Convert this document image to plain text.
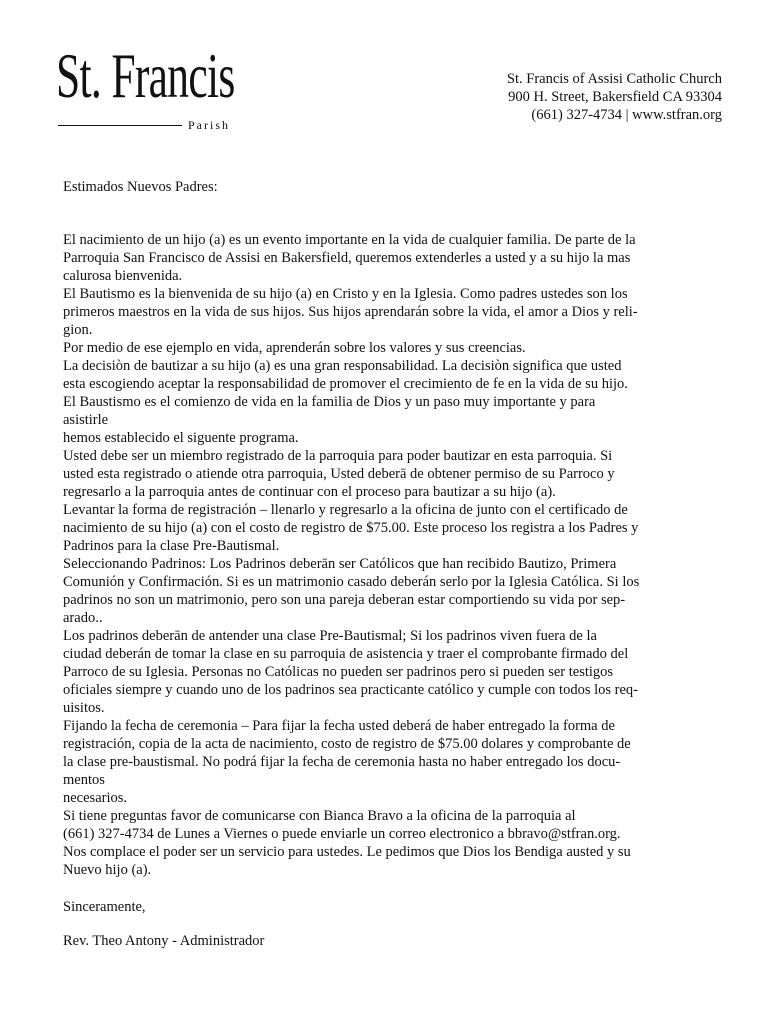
St. Francis
Parish
St. Francis of Assisi Catholic Church
900 H. Street, Bakersfield CA 93304
(661) 327-4734 | www.stfran.org
Estimados Nuevos Padres:
El nacimiento de un hijo (a) es un evento importante en la vida de cualquier familia. De parte de la
Parroquia San Francisco de Assisi en Bakersfield, queremos extenderles a usted y a su hijo la mas
calurosa bienvenida.
El Bautismo es la bienvenida de su hijo (a) en Cristo y en la Iglesia. Como padres ustedes son los
primeros maestros en la vida de sus hijos. Sus hijos aprendarán sobre la vida, el amor a Dios y reli-
gion.
Por medio de ese ejemplo en vida, aprenderán sobre los valores y sus creencias.
La decisiòn de bautizar a su hijo (a) es una gran responsabilidad. La decisiòn significa que usted
esta escogiendo aceptar la responsabilidad de promover el crecimiento de fe en la vida de su hijo.
El Baustismo es el comienzo de vida en la familia de Dios y un paso muy importante y para
asistirle
hemos establecido el siguente programa.
Usted debe ser un miembro registrado de la parroquia para poder bautizar en esta parroquia. Si
usted esta registrado o atiende otra parroquia, Usted deberā de obtener permiso de su Parroco y
regresarlo a la parroquia antes de continuar con el proceso para bautizar a su hijo (a).
Levantar la forma de registración – llenarlo y regresarlo a la oficina de junto con el certificado de
nacimiento de su hijo (a) con el costo de registro de $75.00. Este proceso los registra a los Padres y
Padrinos para la clase Pre-Bautismal.
Seleccionando Padrinos: Los Padrinos deberān ser Católicos que han recibido Bautizo, Primera
Comunión y Confirmación. Si es un matrimonio casado deberán serlo por la Iglesia Católica. Si los
padrinos no son un matrimonio, pero son una pareja deberan estar comportiendo su vida por sep-
arado..
Los padrinos deberān de antender una clase Pre-Bautismal; Si los padrinos viven fuera de la
ciudad deberán de tomar la clase en su parroquia de asistencia y traer el comprobante firmado del
Parroco de su Iglesia. Personas no Católicas no pueden ser padrinos pero si pueden ser testigos
oficiales siempre y cuando uno de los padrinos sea practicante católico y cumple con todos los req-
uisitos.
Fijando la fecha de ceremonia – Para fijar la fecha usted deberá de haber entregado la forma de
registración, copia de la acta de nacimiento, costo de registro de $75.00 dolares y comprobante de
la clase pre-baustismal. No podrá fijar la fecha de ceremonia hasta no haber entregado los docu-
mentos
necesarios.
Si tiene preguntas favor de comunicarse con Bianca Bravo a la oficina de la parroquia al
(661) 327-4734 de Lunes a Viernes o puede enviarle un correo electronico a bbravo@stfran.org.
Nos complace el poder ser un servicio para ustedes. Le pedimos que Dios los Bendiga austed y su
Nuevo hijo (a).
Sinceramente,
Rev. Theo Antony - Administrador
